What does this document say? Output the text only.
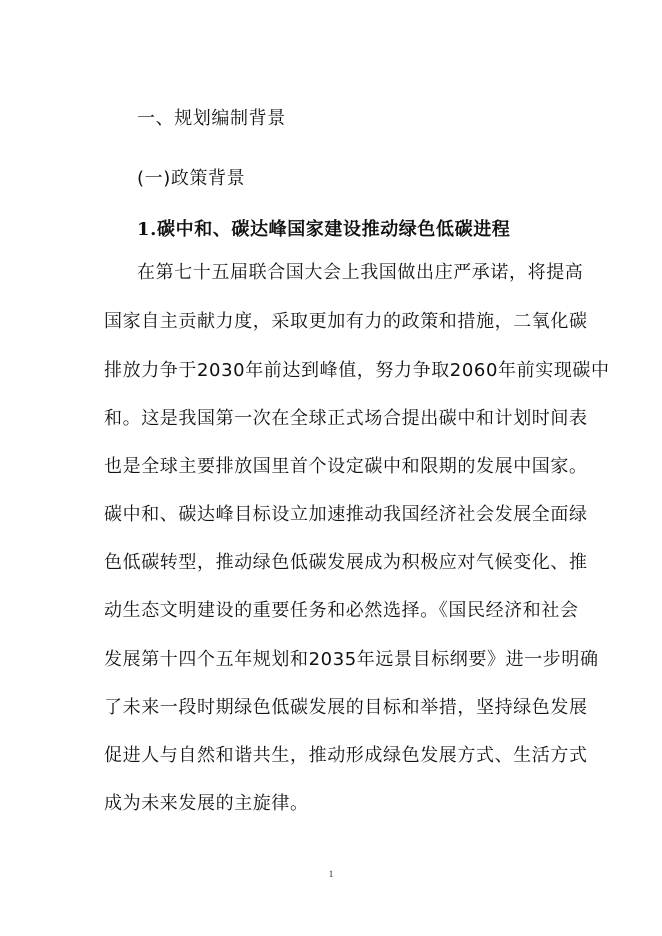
一、规划编制背景
(一)政策背景
1.碳中和、碳达峰国家建设推动绿色低碳进程
在第七十五届联合国大会上我国做出庄严承诺，将提高
国家自主贡献力度，采取更加有力的政策和措施，二氧化碳
排放力争于2030年前达到峰值，努力争取2060年前实现碳中
和。这是我国第一次在全球正式场合提出碳中和计划时间表
也是全球主要排放国里首个设定碳中和限期的发展中国家。
碳中和、碳达峰目标设立加速推动我国经济社会发展全面绿
色低碳转型，推动绿色低碳发展成为积极应对气候变化、推
动生态文明建设的重要任务和必然选择。《国民经济和社会
发展第十四个五年规划和2035年远景目标纲要》进一步明确
了未来一段时期绿色低碳发展的目标和举措，坚持绿色发展
促进人与自然和谐共生，推动形成绿色发展方式、生活方式
成为未来发展的主旋律。
1
